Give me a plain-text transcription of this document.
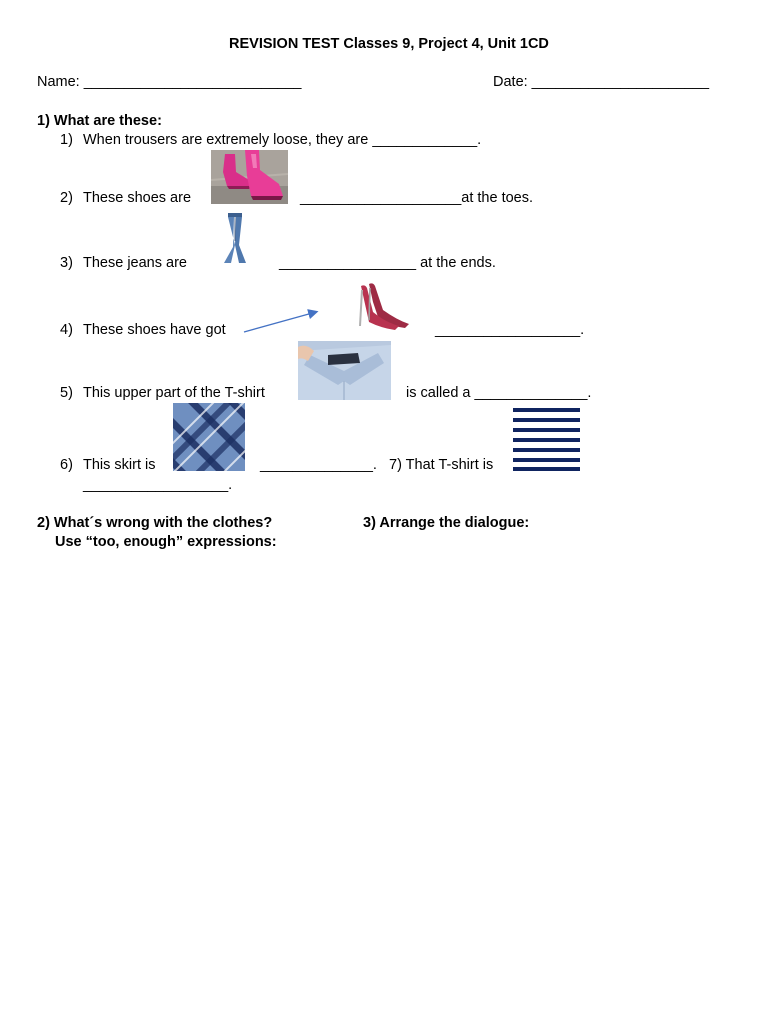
REVISION TEST Classes 9, Project 4, Unit 1CD
Name: ___________________________	Date: ______________________
1) What are these:
1) When trousers are extremely loose, they are _____________.
2) These shoes are	____________________at the toes.
3) These jeans are	_________________ at the ends.
4) These shoes have got	__________________.
5) This upper part of the T-shirt	is called a ______________.
6) This skirt is	______________. 7) That T-shirt is
__________________.
2) What´s wrong with the clothes?
Use “too, enough” expressions:
3) Arrange the dialogue:
